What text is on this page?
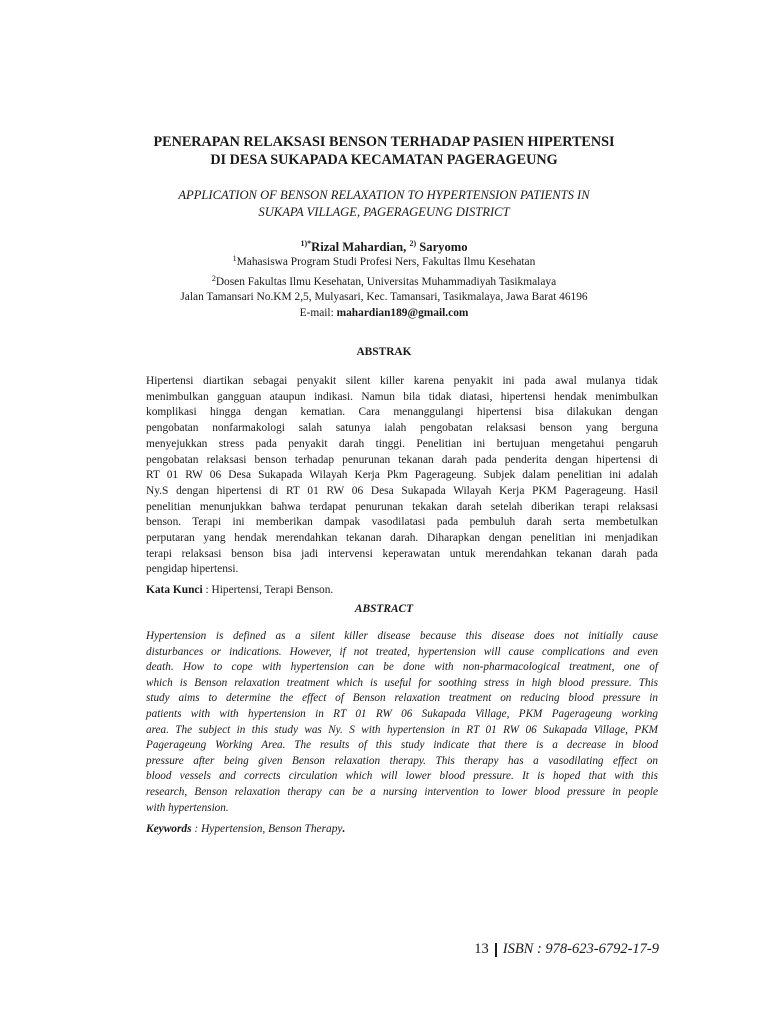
PENERAPAN RELAKSASI BENSON TERHADAP PASIEN HIPERTENSI
DI DESA SUKAPADA KECAMATAN PAGERAGEUNG
APPLICATION OF BENSON RELAXATION TO HYPERTENSION PATIENTS IN
SUKAPA VILLAGE, PAGERAGEUNG DISTRICT
$^{1)*}$Rizal Mahardian, $^{2)}$ Saryomo
$^1$Mahasiswa Program Studi Profesi Ners, Fakultas Ilmu Kesehatan
$^2$Dosen Fakultas Ilmu Kesehatan, Universitas Muhammadiyah Tasikmalaya
Jalan Tamansari No.KM 2,5, Mulyasari, Kec. Tamansari, Tasikmalaya, Jawa Barat 46196
E-mail: mahardian189@gmail.com
ABSTRAK
Hipertensi diartikan sebagai penyakit silent killer karena penyakit ini pada awal mulanya tidak
menimbulkan gangguan ataupun indikasi. Namun bila tidak diatasi, hipertensi hendak menimbulkan
komplikasi hingga dengan kematian. Cara menanggulangi hipertensi bisa dilakukan dengan
pengobatan nonfarmakologi salah satunya ialah pengobatan relaksasi benson yang berguna
menyejukkan stress pada penyakit darah tinggi. Penelitian ini bertujuan mengetahui pengaruh
pengobatan relaksasi benson terhadap penurunan tekanan darah pada penderita dengan hipertensi di
RT 01 RW 06 Desa Sukapada Wilayah Kerja Pkm Pagerageung. Subjek dalam penelitian ini adalah
Ny.S dengan hipertensi di RT 01 RW 06 Desa Sukapada Wilayah Kerja PKM Pagerageung. Hasil
penelitian menunjukkan bahwa terdapat penurunan tekakan darah setelah diberikan terapi relaksasi
benson. Terapi ini memberikan dampak vasodilatasi pada pembuluh darah serta membetulkan
perputaran yang hendak merendahkan tekanan darah. Diharapkan dengan penelitian ini menjadikan
terapi relaksasi benson bisa jadi intervensi keperawatan untuk merendahkan tekanan darah pada
pengidap hipertensi.
Kata Kunci : Hipertensi, Terapi Benson.
ABSTRACT
Hypertension is defined as a silent killer disease because this disease does not initially cause
disturbances or indications. However, if not treated, hypertension will cause complications and even
death. How to cope with hypertension can be done with non-pharmacological treatment, one of
which is Benson relaxation treatment which is useful for soothing stress in high blood pressure. This
study aims to determine the effect of Benson relaxation treatment on reducing blood pressure in
patients with with hypertension in RT 01 RW 06 Sukapada Village, PKM Pagerageung working
area. The subject in this study was Ny. S with hypertension in RT 01 RW 06 Sukapada Village, PKM
Pagerageung Working Area. The results of this study indicate that there is a decrease in blood
pressure after being given Benson relaxation therapy. This therapy has a vasodilating effect on
blood vessels and corrects circulation which will lower blood pressure. It is hoped that with this
research, Benson relaxation therapy can be a nursing intervention to lower blood pressure in people
with hypertension.
Keywords : Hypertension, Benson Therapy.
13 ISBN : 978-623-6792-17-9
